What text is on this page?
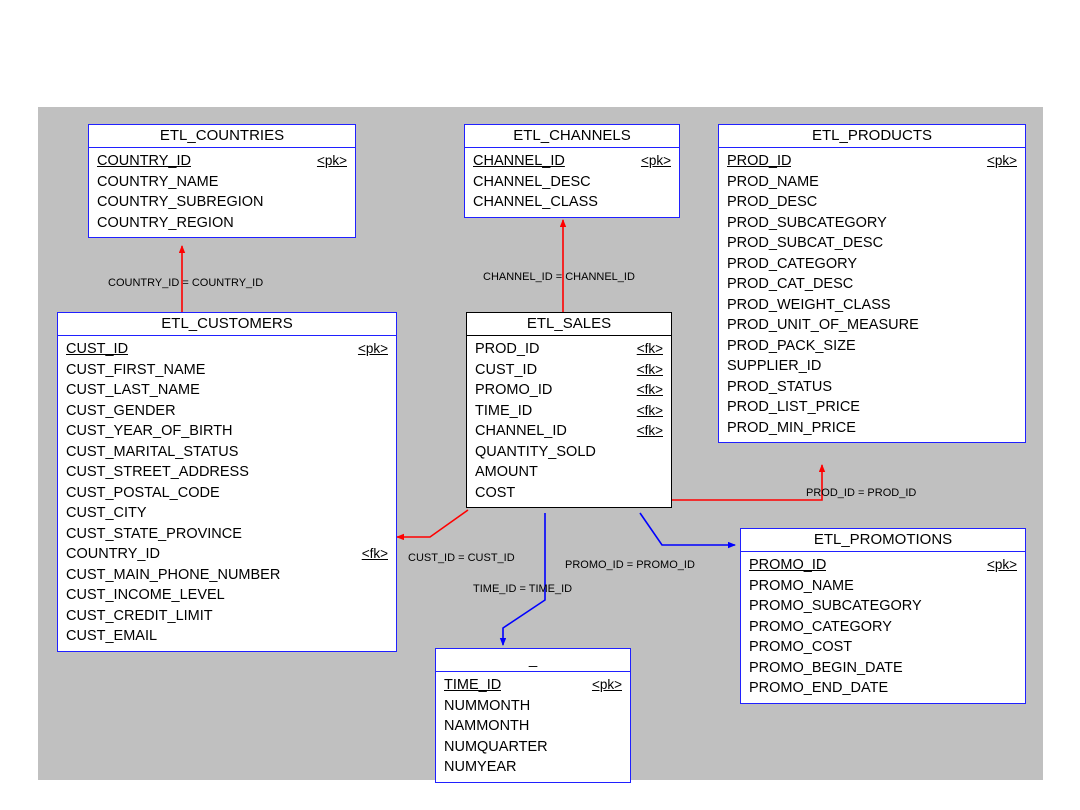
ETL_COUNTRIES
COUNTRY_ID	<pk>
COUNTRY_NAME
COUNTRY_SUBREGION
COUNTRY_REGION
ETL_CHANNELS
CHANNEL_ID	<pk>
CHANNEL_DESC
CHANNEL_CLASS
ETL_PRODUCTS
PROD_ID	<pk>
PROD_NAME
PROD_DESC
PROD_SUBCATEGORY
PROD_SUBCAT_DESC
PROD_CATEGORY
PROD_CAT_DESC
PROD_WEIGHT_CLASS
PROD_UNIT_OF_MEASURE
PROD_PACK_SIZE
SUPPLIER_ID
PROD_STATUS
PROD_LIST_PRICE
PROD_MIN_PRICE
ETL_CUSTOMERS
CUST_ID	<pk>
CUST_FIRST_NAME
CUST_LAST_NAME
CUST_GENDER
CUST_YEAR_OF_BIRTH
CUST_MARITAL_STATUS
CUST_STREET_ADDRESS
CUST_POSTAL_CODE
CUST_CITY
CUST_STATE_PROVINCE
COUNTRY_ID	<fk>
CUST_MAIN_PHONE_NUMBER
CUST_INCOME_LEVEL
CUST_CREDIT_LIMIT
CUST_EMAIL
ETL_SALES
PROD_ID	<fk>
CUST_ID	<fk>
PROMO_ID	<fk>
TIME_ID	<fk>
CHANNEL_ID	<fk>
QUANTITY_SOLD
AMOUNT
COST
ETL_PROMOTIONS
PROMO_ID	<pk>
PROMO_NAME
PROMO_SUBCATEGORY
PROMO_CATEGORY
PROMO_COST
PROMO_BEGIN_DATE
PROMO_END_DATE
_
TIME_ID	<pk>
NUMMONTH
NAMMONTH
NUMQUARTER
NUMYEAR
COUNTRY_ID = COUNTRY_ID	CHANNEL_ID = CHANNEL_ID
PROD_ID = PROD_ID
CUST_ID = CUST_ID
PROMO_ID = PROMO_ID
TIME_ID = TIME_ID
